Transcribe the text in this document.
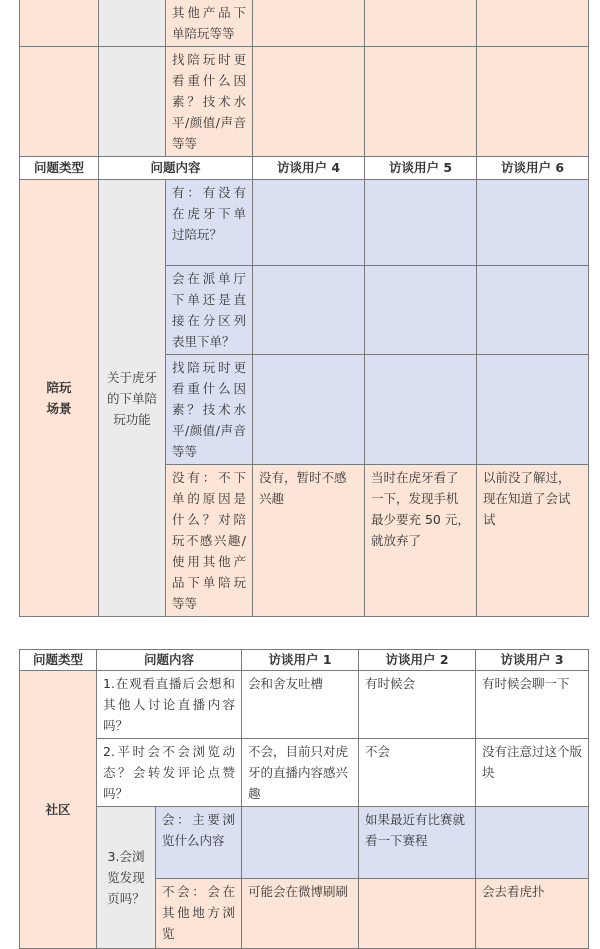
		其他产品下单陪玩等等			
		找陪玩时更看重什么因素？技术水平/颜值/声音等等			
问题类型	问题内容		访谈用户 4	访谈用户 5	访谈用户 6
陪玩场景	关于虎牙的下单陪玩功能	有：有没有在虎牙下单过陪玩？			
		会在派单厅下单还是直接在分区列表里下单？			
		找陪玩时更看重什么因素？技术水平/颜值/声音等等			
		没有：不下单的原因是什么？对陪玩不感兴趣/使用其他产品下单陪玩等等	没有，暂时不感兴趣	当时在虎牙看了一下，发现手机最少要充 50 元，就放弃了	以前没了解过，现在知道了会试试
问题类型	问题内容		访谈用户 1	访谈用户 2	访谈用户 3
社区	1.在观看直播后会想和其他人讨论直播内容吗？		会和舍友吐槽	有时候会	有时候会聊一下
	2.平时会不会浏览动态？会转发评论点赞吗？		不会，目前只对虎牙的直播内容感兴趣	不会	没有注意过这个版块
	3.会浏览发现页吗？	会：主要浏览什么内容		如果最近有比赛就看一下赛程	
		不会：会在其他地方浏览	可能会在微博刷刷		会去看虎扑
